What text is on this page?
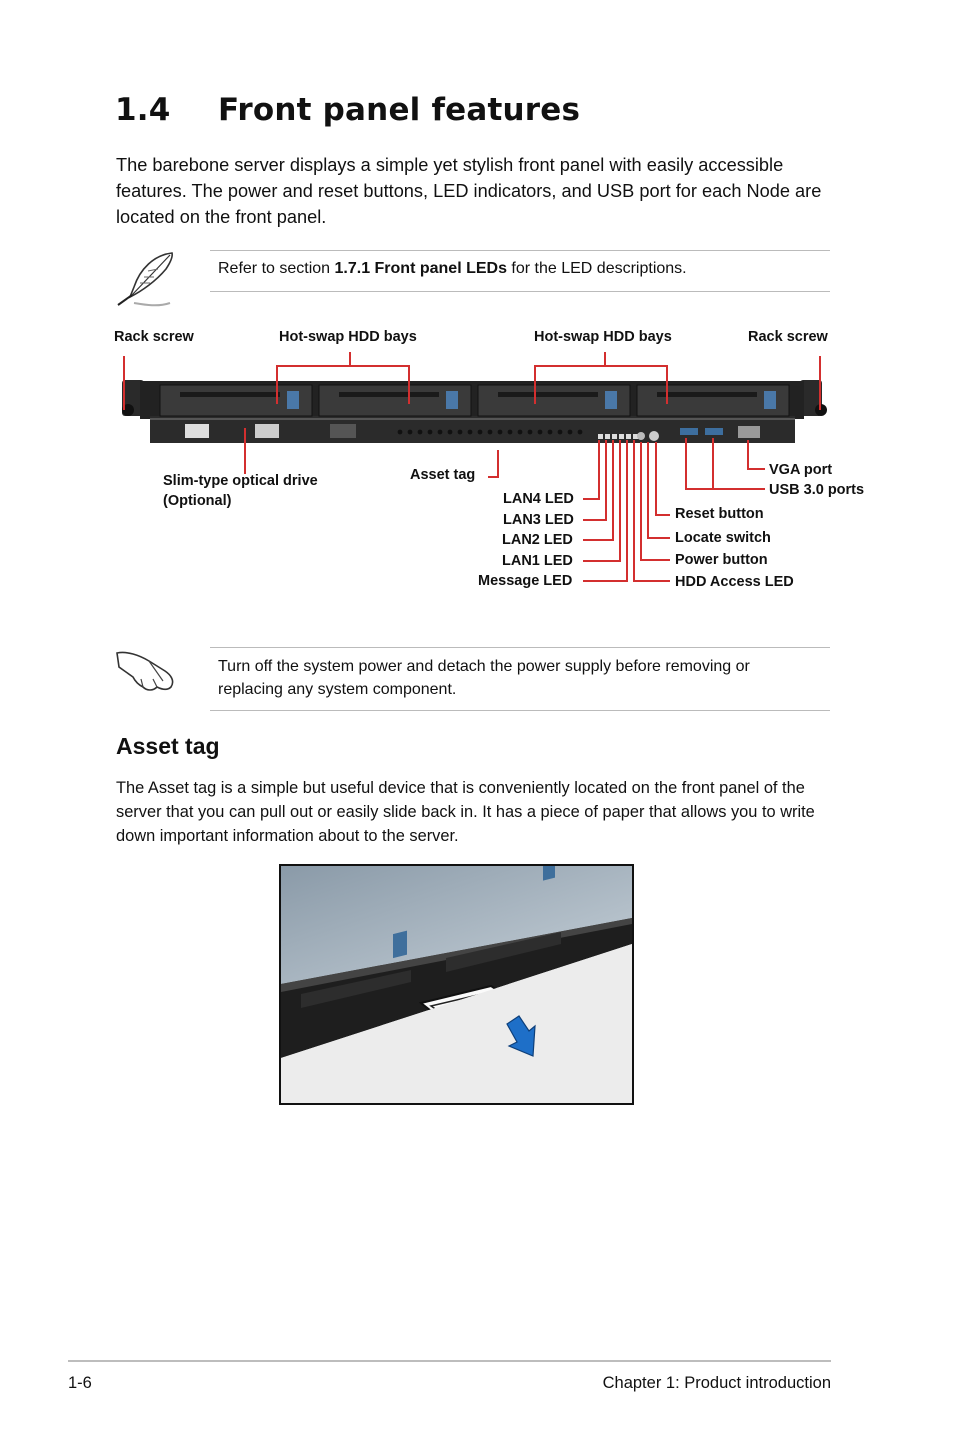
1.4 Front panel features
The barebone server displays a simple yet stylish front panel with easily accessible features. The power and reset buttons, LED indicators, and USB port for each Node are located on the front panel.
Refer to section 1.7.1 Front panel LEDs for the LED descriptions.
Rack screw	Hot-swap HDD bays	Hot-swap HDD bays	Rack screw
Slim-type optical drive
(Optional)
Asset tag	VGA port
USB 3.0 ports
LAN4 LED
LAN3 LED
LAN2 LED
LAN1 LED
Message LED
Reset button
Locate switch
Power button
HDD Access LED
Turn off the system power and detach the power supply before removing or replacing any system component.
Asset tag
The Asset tag is a simple but useful device that is conveniently located on the front panel of the server that you can pull out or easily slide back in. It has a piece of paper that allows you to write down important information about to the server.
1-6	Chapter 1: Product introduction
